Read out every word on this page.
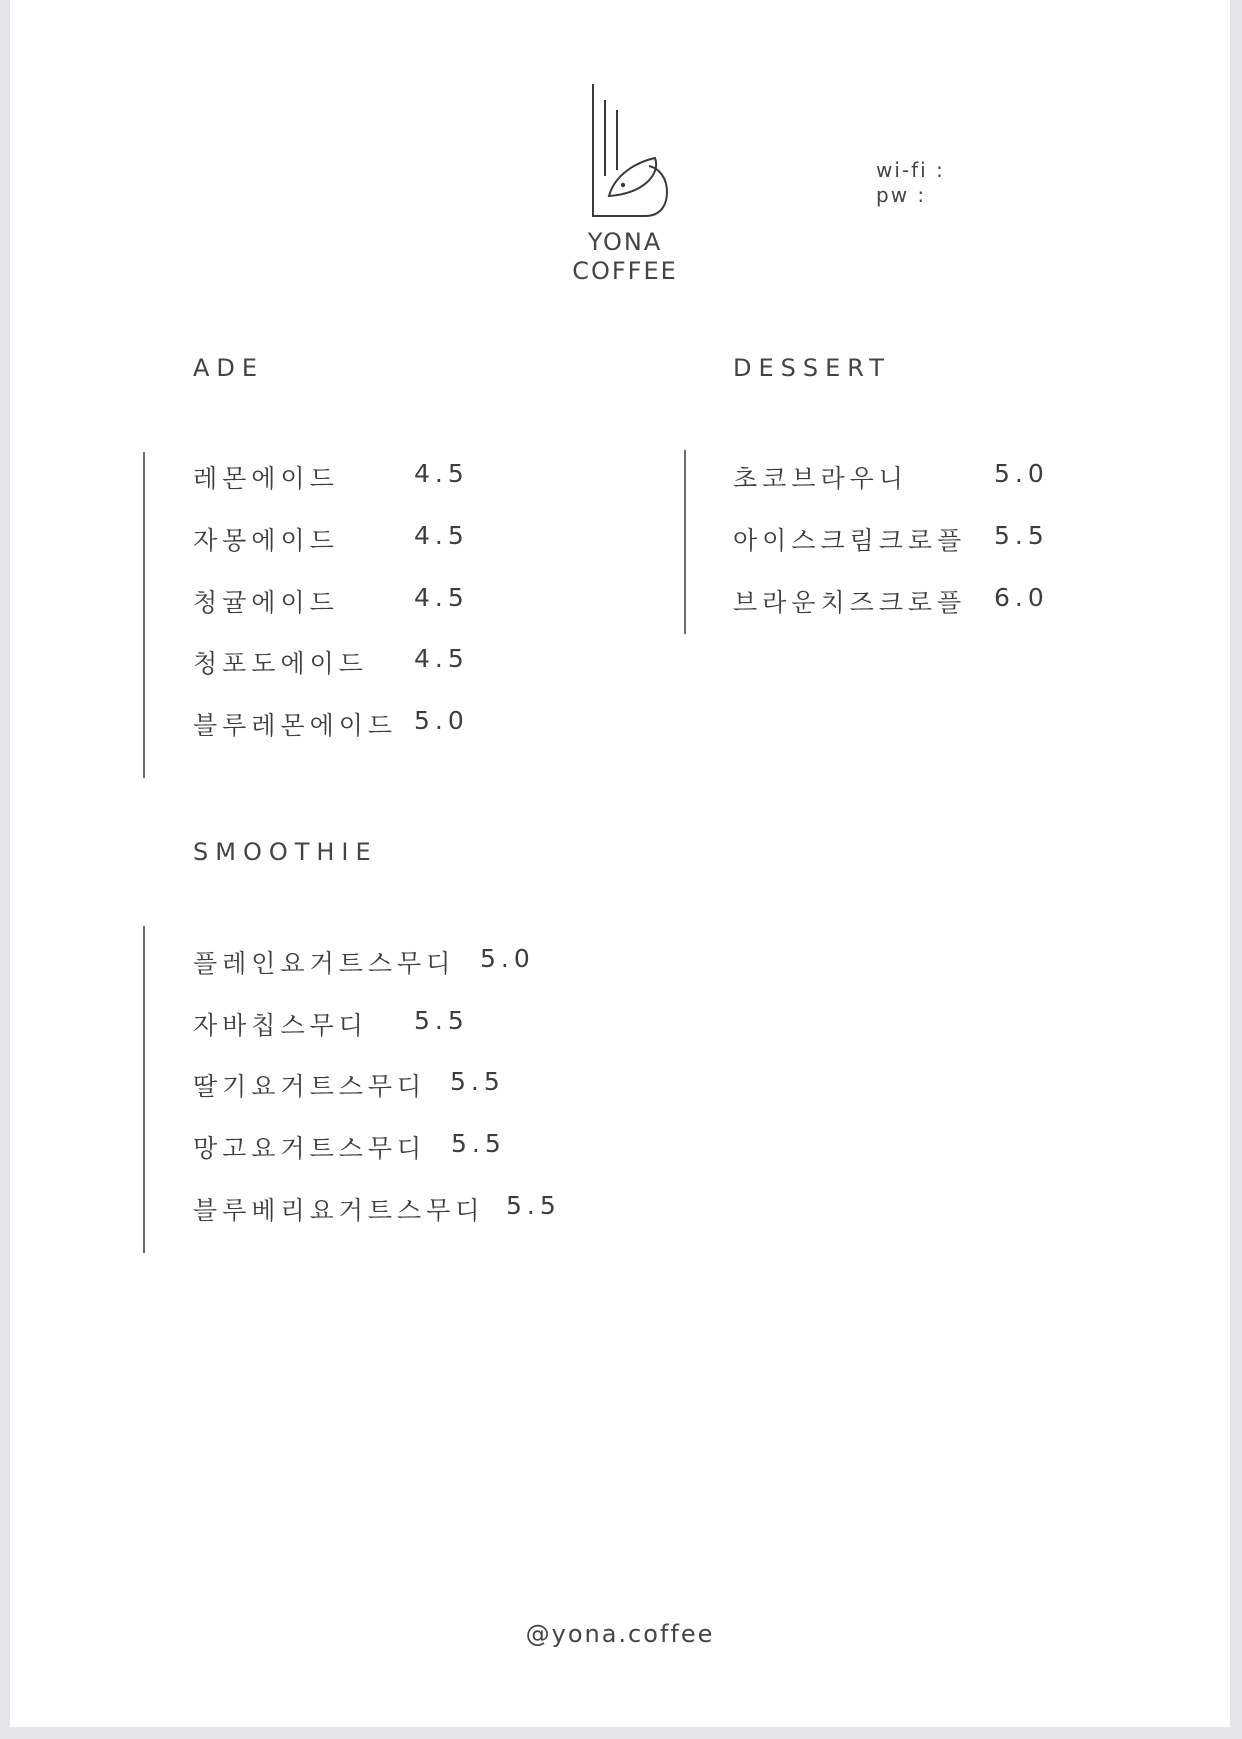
YONA
COFFEE
wi-fi :
pw :
ADE
레몬에이드	4.5
자몽에이드	4.5
청귤에이드	4.5
청포도에이드 4.5
블루레몬에이드 5.0
DESSERT
초코브라우니	5.0
아이스크림크로플 5.5
브라운치즈크로플 6.0
SMOOTHIE
플레인요거트스무디 5.0
자바칩스무디 5.5
딸기요거트스무디 5.5
망고요거트스무디 5.5
블루베리요거트스무디 5.5
@yona.coffee
